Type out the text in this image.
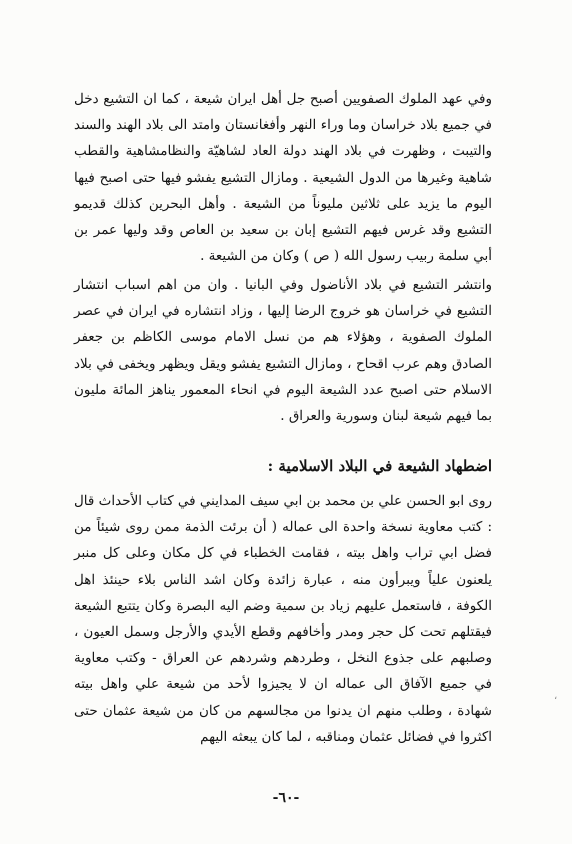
وفي عهد الملوك الصفويين أصبح جل أهل ايران شيعة ، كما ان التشيع دخل في جميع بلاد خراسان وما وراء النهر وأفغانستان وامتد الى بلاد الهند والسند والتيبت ، وظهرت في بلاد الهند دولة العاد لشاهيّة والنظامشاهية والقطب شاهية وغيرها من الدول الشيعية . ومازال التشيع يفشو فيها حتى اصبح فيها اليوم ما يزيد على ثلاثين مليوناً من الشيعة . وأهل البحرين كذلك قديمو التشيع وقد غرس فيهم التشيع إبان بن سعيد بن العاص وقد وليها عمر بن أبي سلمة ربيب رسول الله ( ص ) وكان من الشيعة .

وانتشر التشيع في بلاد الأناضول وفي البانيا . وان من اهم اسباب انتشار التشيع في خراسان هو خروج الرضا إليها ، وزاد انتشاره في ايران في عصر الملوك الصفوية ، وهؤلاء هم من نسل الامام موسى الكاظم بن جعفر الصادق وهم عرب اقحاح ، ومازال التشيع يفشو ويقل ويظهر ويخفى في بلاد الاسلام حتى اصبح عدد الشيعة اليوم في انحاء المعمور يناهز المائة مليون بما فيهم شيعة لبنان وسورية والعراق .

اضطهاد الشيعة في البلاد الاسلامية :

روى ابو الحسن علي بن محمد بن ابي سيف المدايني في كتاب الأحداث قال : كتب معاوية نسخة واحدة الى عماله ( أن برئت الذمة ممن روى شيئاً من فضل ابي تراب واهل بيته ، فقامت الخطباء في كل مكان وعلى كل منبر يلعنون علياً ويبرأون منه ، عبارة زائدة وكان اشد الناس بلاء حينئذ اهل الكوفة ، فاستعمل عليهم زياد بن سمية وضم اليه البصرة وكان يتتبع الشيعة فيقتلهم تحت كل حجر ومدر وأخافهم وقطع الأيدي والأرجل وسمل العيون ، وصلبهم على جذوع النخل ، وطردهم وشردهم عن العراق - وكتب معاوية في جميع الآفاق الى عماله ان لا يجيزوا لأحد من شيعة علي واهل بيته شهادة ، وطلب منهم ان يدنوا من مجالسهم من كان من شيعة عثمان حتى اكثروا في فضائل عثمان ومناقبه ، لما كان يبعثه اليهم

،
-٦٠-
